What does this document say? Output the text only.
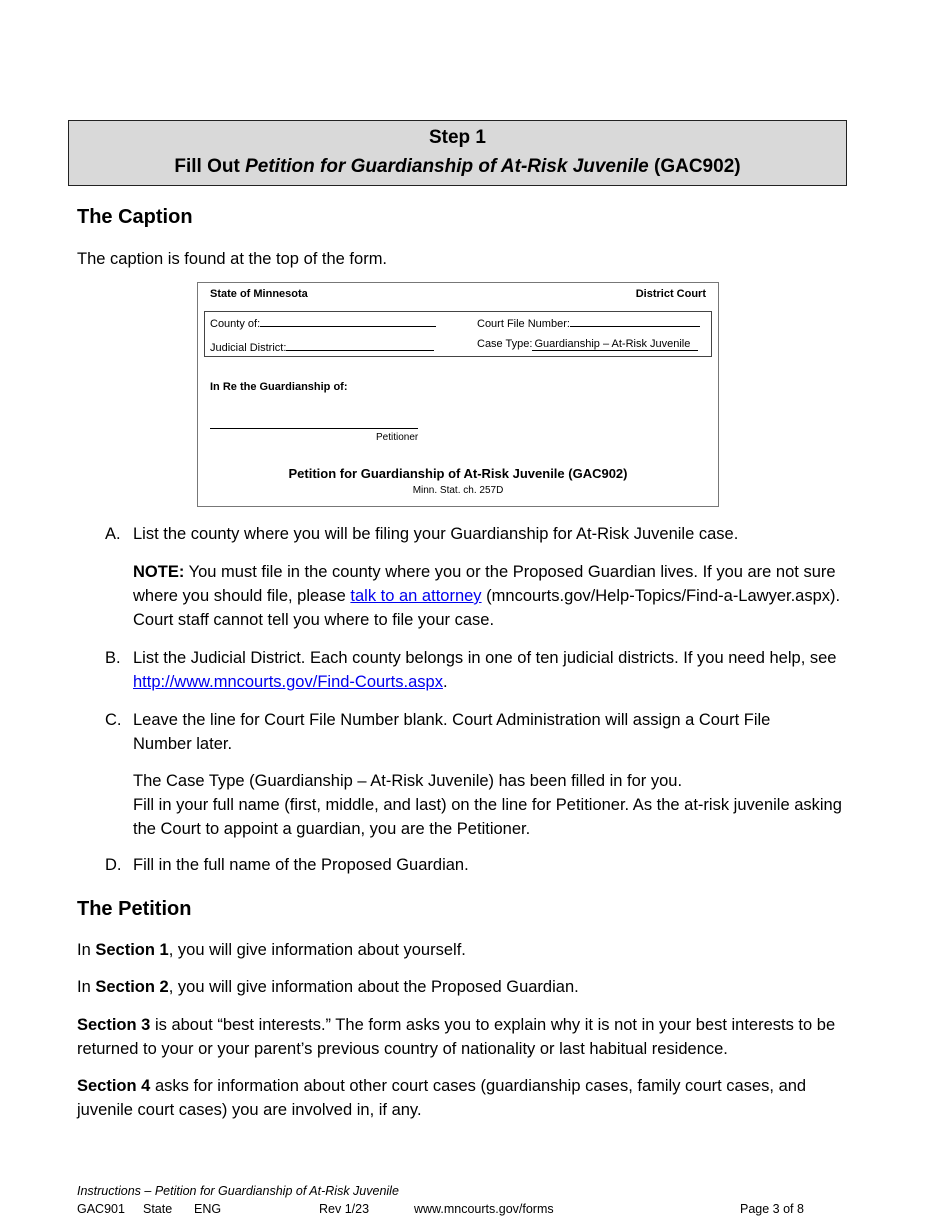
Step 1
Fill Out Petition for Guardianship of At-Risk Juvenile (GAC902)
The Caption
The caption is found at the top of the form.
State of Minnesota	District Court
County of:	Court File Number:
Judicial District:	Case Type: Guardianship – At-Risk Juvenile
In Re the Guardianship of:
Petitioner
Petition for Guardianship of At-Risk Juvenile (GAC902)
Minn. Stat. ch. 257D
A. List the county where you will be filing your Guardianship for At-Risk Juvenile case.
NOTE: You must file in the county where you or the Proposed Guardian lives. If you are not sure where you should file, please talk to an attorney (mncourts.gov/Help-Topics/Find-a-Lawyer.aspx). Court staff cannot tell you where to file your case.
B. List the Judicial District. Each county belongs in one of ten judicial districts. If you need help, see http://www.mncourts.gov/Find-Courts.aspx.
C. Leave the line for Court File Number blank. Court Administration will assign a Court File Number later.
The Case Type (Guardianship – At-Risk Juvenile) has been filled in for you.
Fill in your full name (first, middle, and last) on the line for Petitioner. As the at-risk juvenile asking the Court to appoint a guardian, you are the Petitioner.
D. Fill in the full name of the Proposed Guardian.
The Petition
In Section 1, you will give information about yourself.
In Section 2, you will give information about the Proposed Guardian.
Section 3 is about “best interests.” The form asks you to explain why it is not in your best interests to be returned to your or your parent’s previous country of nationality or last habitual residence.
Section 4 asks for information about other court cases (guardianship cases, family court cases, and juvenile court cases) you are involved in, if any.
Instructions – Petition for Guardianship of At-Risk Juvenile
GAC901 State ENG	Rev 1/23	www.mncourts.gov/forms	Page 3 of 8
